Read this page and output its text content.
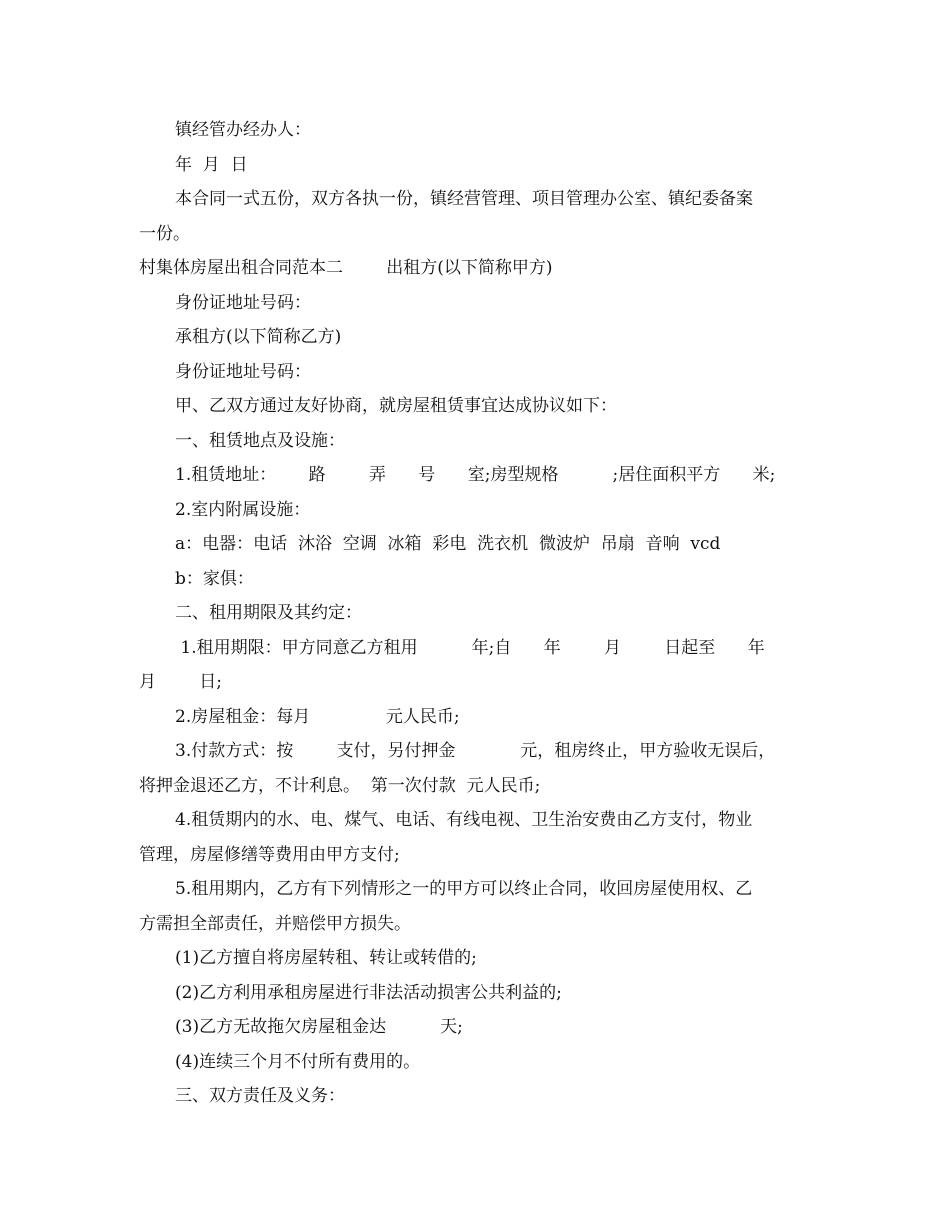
镇经管办经办人：
年  月  日
本合同一式五份，双方各执一份，镇经营管理、项目管理办公室、镇纪委备案
一份。
村集体房屋出租合同范本二        出租方(以下简称甲方)
身份证地址号码：
承租方(以下简称乙方)
身份证地址号码：
甲、乙双方通过友好协商，就房屋租赁事宜达成协议如下：
一、租赁地点及设施：
1.租赁地址：      路        弄      号      室;房型规格          ;居住面积平方      米;
2.室内附属设施：
a：电器：电话  沐浴  空调  冰箱  彩电  洗衣机  微波炉  吊扇  音响  vcd
b：家俱：
二、租用期限及其约定：
1.租用期限：甲方同意乙方租用          年;自      年        月        日起至      年
月        日;
2.房屋租金：每月              元人民币;
3.付款方式：按        支付，另付押金            元，租房终止，甲方验收无误后，
将押金退还乙方，不计利息。  第一次付款  元人民币;
4.租赁期内的水、电、煤气、电话、有线电视、卫生治安费由乙方支付，物业
管理，房屋修缮等费用由甲方支付;
5.租用期内，乙方有下列情形之一的甲方可以终止合同，收回房屋使用权、乙
方需担全部责任，并赔偿甲方损失。
(1)乙方擅自将房屋转租、转让或转借的;
(2)乙方利用承租房屋进行非法活动损害公共利益的;
(3)乙方无故拖欠房屋租金达          天;
(4)连续三个月不付所有费用的。
三、双方责任及义务：
